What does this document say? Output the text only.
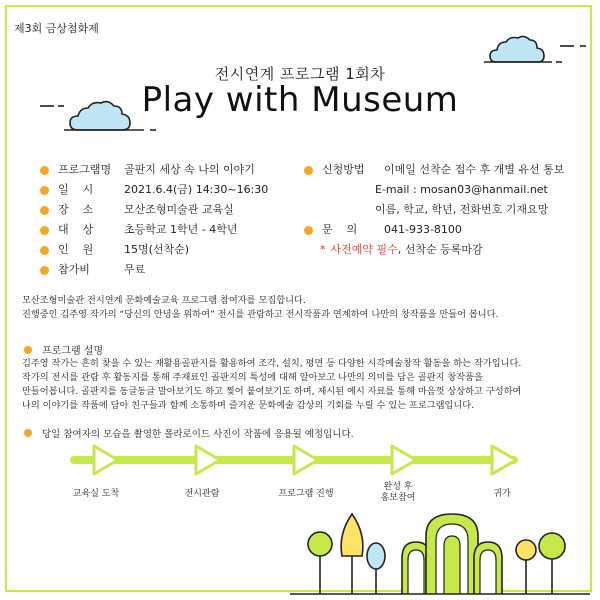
제3회 금상첨화제
전시연계 프로그램 1회차
Play with Museum
프로그램명	골판지 세상 속 나의 이야기
일    시	2021.6.4(금) 14:30~16:30
장    소	모산조형미술관 교육실
대    상	초등학교 1학년 - 4학년
인    원	15명(선착순)
참가비	무료
신청방법	이메일 선착순 접수 후 개별 유선 통보
E-mail : mosan03@hanmail.net
이름, 학교, 학년, 전화번호 기재요망
문    의	041-933-8100
* 사전예약 필수, 선착순 등록마감
모산조형미술관 전시연계 문화예술교육 프로그램 참여자를 모집합니다.
진행중인 김주영 작가의 “당신의 안녕을 위하여” 전시를 관람하고 전시작품과 연계하여 나만의 창작품을 만들어 봅니다.
프로그램 설명
김주영 작가는 흔히 찾을 수 있는 재활용골판지를 활용하여 조각, 설치, 평면 등 다양한 시각예술창작 활동을 하는 작가입니다.
작가의 전시를 관람 후 활동지를 통해 주재료인 골판지의 특성에 대해 알아보고 나만의 의미를 담은 골판지 창작품을
만들어봅니다. 골판지를 동글동글 말아보기도 하고 찢어 붙여보기도 하며, 제시된 예시 자료를 통해 마음껏 상상하고 구성하여
나의 이야기를 작품에 담아 친구들과 함께 소통하며 즐거운 문화예술 감상의 기회를 누릴 수 있는 프로그램입니다.
당일 참여자의 모습을 촬영한 폴라로이드 사진이 작품에 응용될 예정입니다.
교육실 도착	전시관람	프로그램 진행
완성 후
홍보참여	귀가
